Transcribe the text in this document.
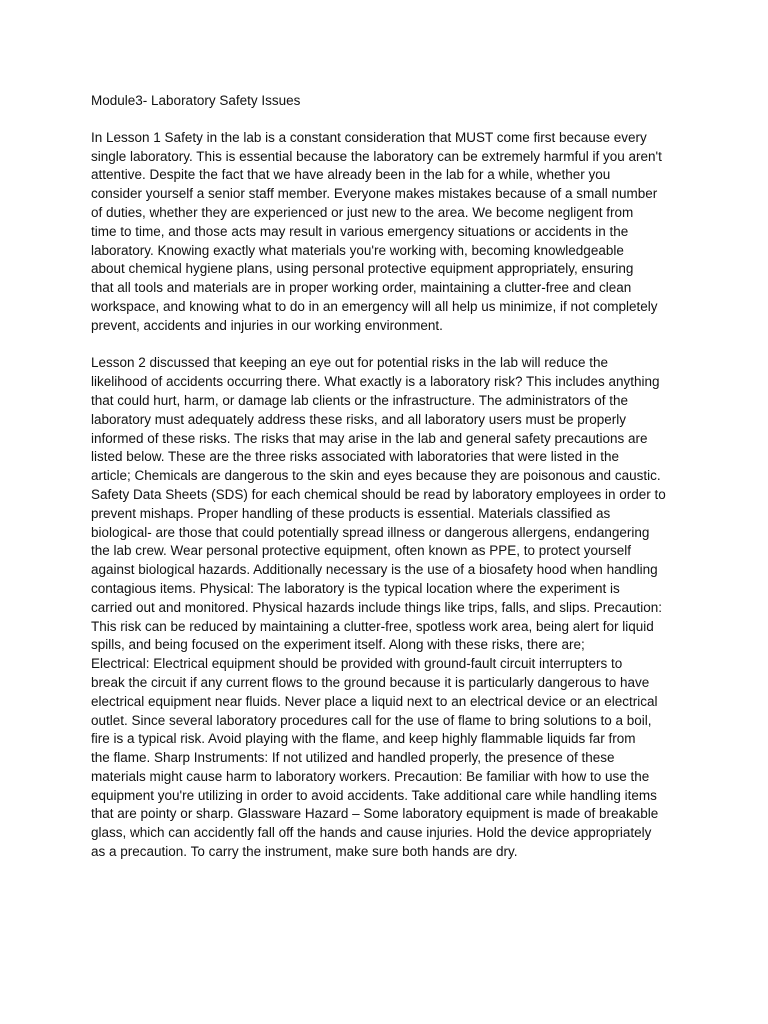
Module3- Laboratory Safety Issues

In Lesson 1 Safety in the lab is a constant consideration that MUST come first because every
single laboratory. This is essential because the laboratory can be extremely harmful if you aren't
attentive. Despite the fact that we have already been in the lab for a while, whether you
consider yourself a senior staff member. Everyone makes mistakes because of a small number
of duties, whether they are experienced or just new to the area. We become negligent from
time to time, and those acts may result in various emergency situations or accidents in the
laboratory. Knowing exactly what materials you're working with, becoming knowledgeable
about chemical hygiene plans, using personal protective equipment appropriately, ensuring
that all tools and materials are in proper working order, maintaining a clutter-free and clean
workspace, and knowing what to do in an emergency will all help us minimize, if not completely
prevent, accidents and injuries in our working environment.

Lesson 2 discussed that keeping an eye out for potential risks in the lab will reduce the
likelihood of accidents occurring there. What exactly is a laboratory risk? This includes anything
that could hurt, harm, or damage lab clients or the infrastructure. The administrators of the
laboratory must adequately address these risks, and all laboratory users must be properly
informed of these risks. The risks that may arise in the lab and general safety precautions are
listed below. These are the three risks associated with laboratories that were listed in the
article; Chemicals are dangerous to the skin and eyes because they are poisonous and caustic.
Safety Data Sheets (SDS) for each chemical should be read by laboratory employees in order to
prevent mishaps. Proper handling of these products is essential. Materials classified as
biological- are those that could potentially spread illness or dangerous allergens, endangering
the lab crew. Wear personal protective equipment, often known as PPE, to protect yourself
against biological hazards. Additionally necessary is the use of a biosafety hood when handling
contagious items. Physical: The laboratory is the typical location where the experiment is
carried out and monitored. Physical hazards include things like trips, falls, and slips. Precaution:
This risk can be reduced by maintaining a clutter-free, spotless work area, being alert for liquid
spills, and being focused on the experiment itself. Along with these risks, there are;
Electrical: Electrical equipment should be provided with ground-fault circuit interrupters to
break the circuit if any current flows to the ground because it is particularly dangerous to have
electrical equipment near fluids. Never place a liquid next to an electrical device or an electrical
outlet. Since several laboratory procedures call for the use of flame to bring solutions to a boil,
fire is a typical risk. Avoid playing with the flame, and keep highly flammable liquids far from
the flame. Sharp Instruments: If not utilized and handled properly, the presence of these
materials might cause harm to laboratory workers. Precaution: Be familiar with how to use the
equipment you're utilizing in order to avoid accidents. Take additional care while handling items
that are pointy or sharp. Glassware Hazard – Some laboratory equipment is made of breakable
glass, which can accidently fall off the hands and cause injuries. Hold the device appropriately
as a precaution. To carry the instrument, make sure both hands are dry.
